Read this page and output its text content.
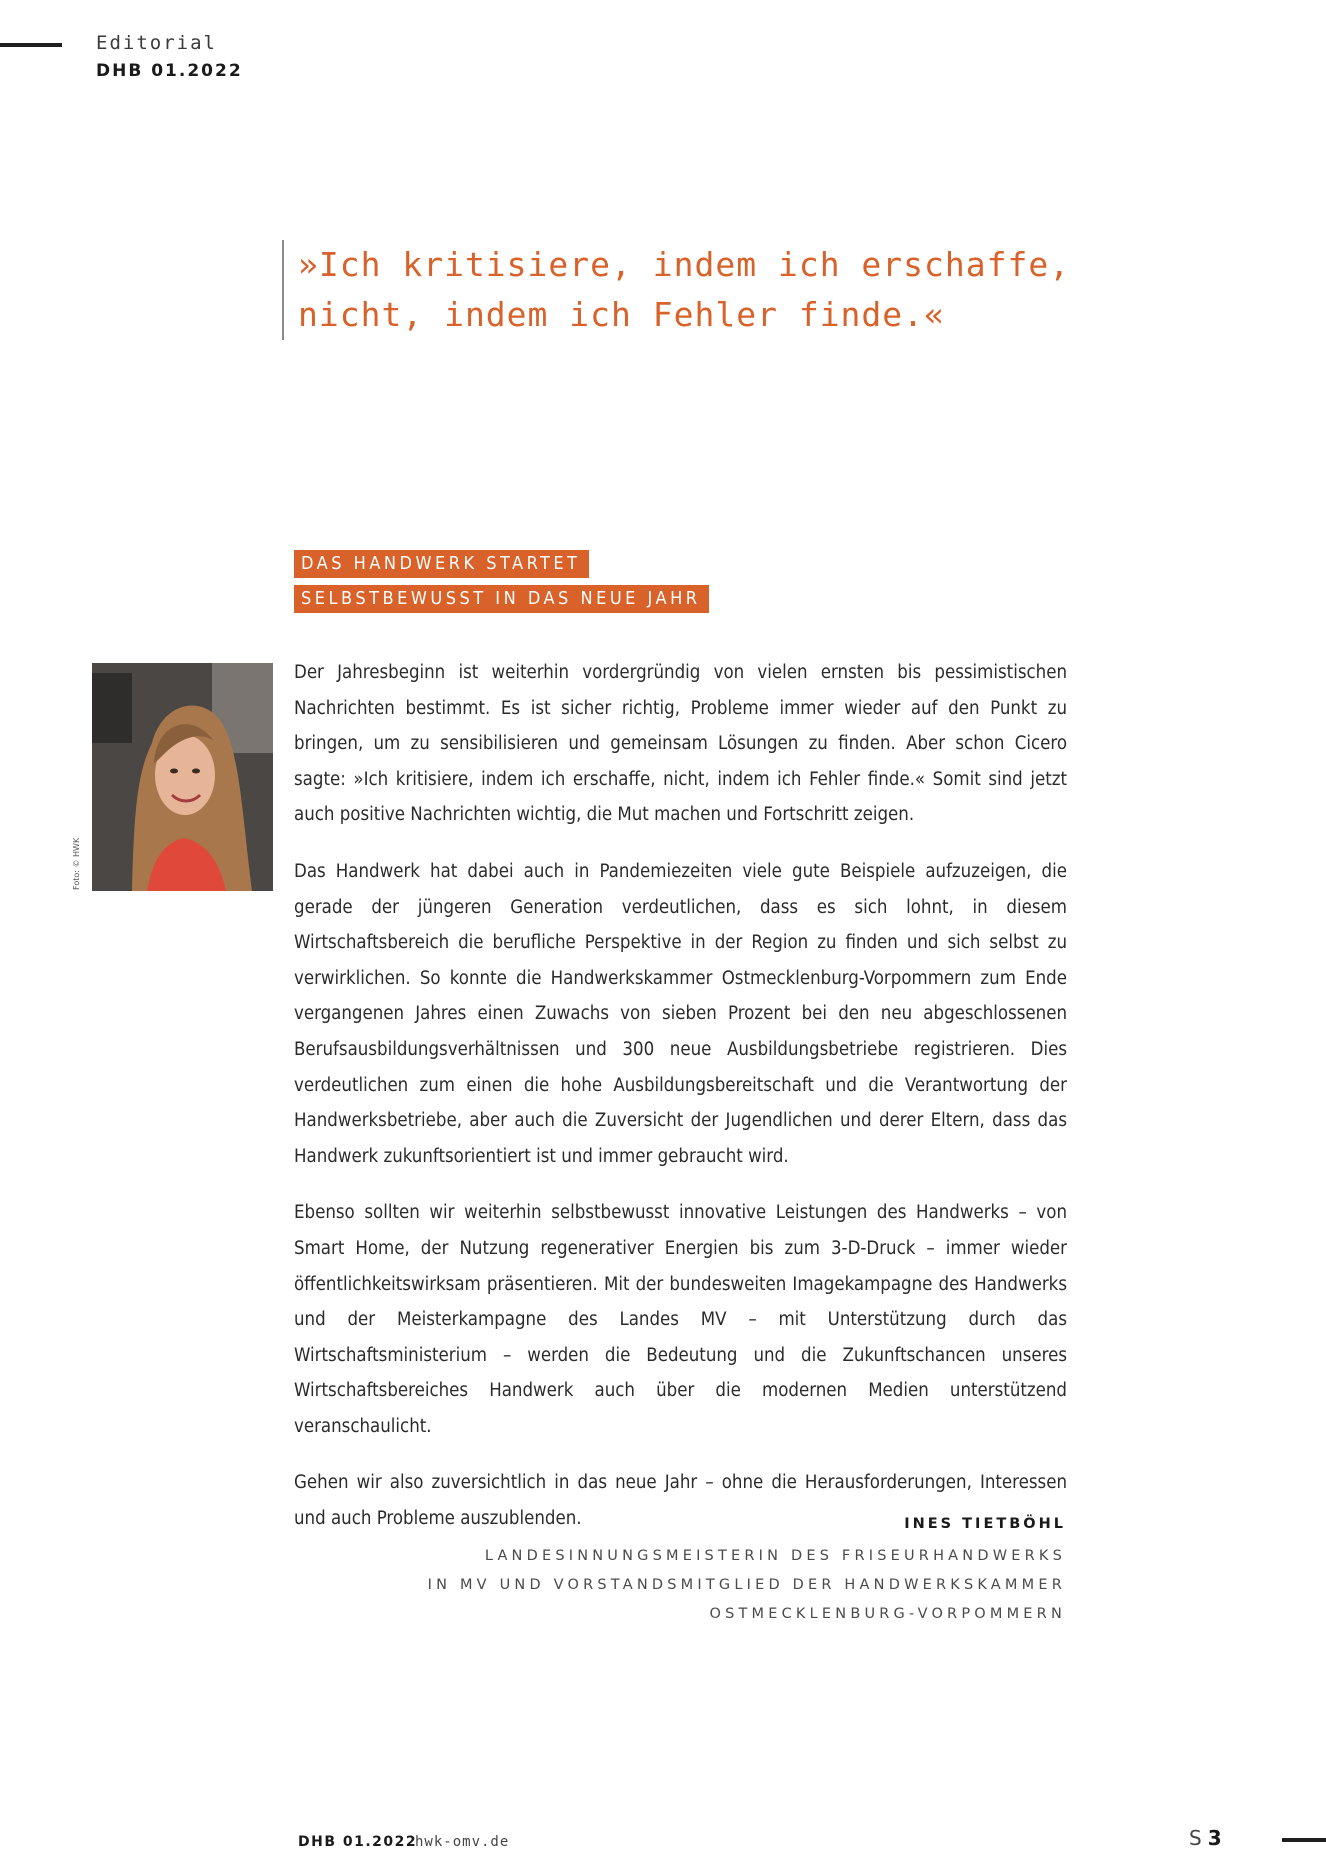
Editorial
DHB 01.2022
»Ich kritisiere, indem ich erschaffe,
nicht, indem ich Fehler finde.«
DAS HANDWERK STARTET
SELBSTBEWUSST IN DAS NEUE JAHR
Foto: © HWK

Der Jahresbeginn ist weiterhin vordergründig von vielen ernsten bis pessimistischen Nachrichten bestimmt. Es ist sicher richtig, Probleme immer wieder auf den Punkt zu bringen, um zu sensibilisieren und gemeinsam Lösungen zu finden. Aber schon Cicero sagte: »Ich kritisiere, indem ich erschaffe, nicht, indem ich Fehler finde.« Somit sind jetzt auch positive Nachrichten wichtig, die Mut machen und Fortschritt zeigen.

Das Handwerk hat dabei auch in Pandemiezeiten viele gute Beispiele aufzuzeigen, die gerade der jüngeren Generation verdeutlichen, dass es sich lohnt, in diesem Wirtschaftsbereich die berufliche Perspektive in der Region zu finden und sich selbst zu verwirklichen. So konnte die Handwerkskammer Ostmecklenburg-Vorpommern zum Ende vergangenen Jahres einen Zuwachs von sieben Prozent bei den neu abgeschlossenen Berufsausbildungsverhältnissen und 300 neue Ausbildungsbetriebe registrieren. Dies verdeutlichen zum einen die hohe Ausbildungsbereitschaft und die Verantwortung der Handwerksbetriebe, aber auch die Zuversicht der Jugendlichen und derer Eltern, dass das Handwerk zukunftsorientiert ist und immer gebraucht wird.

Ebenso sollten wir weiterhin selbstbewusst innovative Leistungen des Handwerks – von Smart Home, der Nutzung regenerativer Energien bis zum 3-D-Druck – immer wieder öffentlichkeitswirksam präsentieren. Mit der bundesweiten Imagekampagne des Handwerks und der Meisterkampagne des Landes MV – mit Unterstützung durch das Wirtschaftsministerium – werden die Bedeutung und die Zukunftschancen unseres Wirtschaftsbereiches Handwerk auch über die modernen Medien unterstützend veranschaulicht.

Gehen wir also zuversichtlich in das neue Jahr – ohne die Herausforderungen, Interessen und auch Probleme auszublenden.	INES TIETBÖHL
LANDESINNUNGSMEISTERIN DES FRISEURHANDWERKS
IN MV UND VORSTANDSMITGLIED DER HANDWERKSKAMMER
OSTMECKLENBURG-VORPOMMERN
DHB 01.2022
hwk-omv.de	S3
